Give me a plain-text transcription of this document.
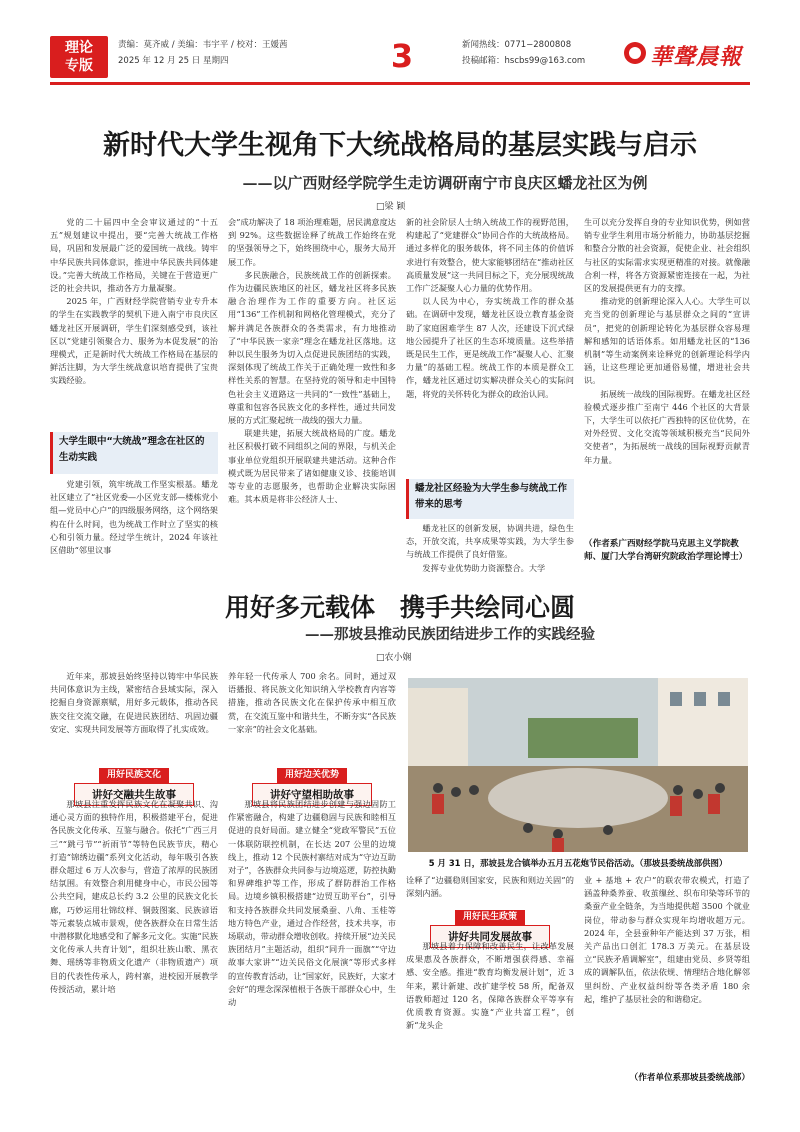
理论
专版
责编：莫齐威 / 美编：韦宇平 / 校对：王媛茜
2025 年 12 月 25 日 星期四	3	新闻热线：0771−2800808
投稿邮箱：hscbs99@163.com	華聲晨報
新时代大学生视角下大统战格局的基层实践与启示
——以广西财经学院学生走访调研南宁市良庆区蟠龙社区为例
□梁 颖

党的二十届四中全会审议通过的“十五五”规划建议中提出，要“完善大统战工作格局，巩固和发展最广泛的爱国统一战线。铸牢中华民族共同体意识，推进中华民族共同体建设。”完善大统战工作格局，关键在于营造更广泛的社会共识，推动各方力量凝聚。

2025 年，广西财经学院营销专业专升本的学生在实践教学的契机下进入南宁市良庆区蟠龙社区开展调研，学生们深刻感受到，该社区以“党建引领聚合力、服务为本促发展”的治理模式，正是新时代大统战工作格局在基层的鲜活注脚，为大学生统战意识培育提供了宝贵实践经验。

大学生眼中“大统战”理念在社区的生动实践

党建引领，筑牢统战工作坚实根基。蟠龙社区建立了“社区党委—小区党支部—楼栋党小组—党员中心户”的四级服务网络，这个网络架构在什么时间，也为统战工作时立了坚实的核心和引领力量。经过学生统计，2024 年该社区借助“邻里议事

会”成功解决了 18 项治理难题，居民满意度达到 92%。这些数据诠释了统战工作始终在党的坚强领导之下，始终围绕中心，服务大局开展工作。

多民族融合，民族统战工作的创新探索。作为边疆民族地区的社区，蟠龙社区将多民族融合治理作为工作的重要方向。社区运用“136”工作机制和网格化管理模式，充分了解并满足各族群众的各类需求，有力地推动了“中华民族一家亲”理念在蟠龙社区落地。这种以民生服务为切入点促进民族团结的实践，深刻体现了统战工作关于正确处理一致性和多样性关系的智慧。在坚持党的领导和走中国特色社会主义道路这一共同的“一致性”基础上，尊重和包容各民族文化的多样性，通过共同发展的方式汇聚起统一战线的强大力量。

联建共建，拓展大统战格局的广度。蟠龙社区积极打破不同组织之间的界限，与机关企事业单位党组织开展联建共建活动。这种合作模式既为居民带来了诸如健康义诊、技能培训等专业的志愿服务，也帮助企业解决实际困难。其本质是将非公经济人士、

新的社会阶层人士纳入统战工作的视野范围，构建起了“党建群众”协同合作的大统战格局。通过多样化的服务载体，将不同主体的价值诉求进行有效整合，使大家能够团结在“推动社区高质量发展”这一共同目标之下，充分展现统战工作广泛凝聚人心力量的优势作用。

以人民为中心，夯实统战工作的群众基础。在调研中发现，蟠龙社区设立教育基金资助了家庭困难学生 87 人次，还建设下沉式绿地公园提升了社区的生态环境质量。这些举措既是民生工作，更是统战工作“凝聚人心、汇聚力量”的基础工程。统战工作的本质是群众工作，蟠龙社区通过切实解决群众关心的实际问题，将党的关怀转化为群众的政治认同。

蟠龙社区经验为大学生参与统战工作带来的思考

蟠龙社区的创新发展，协调共进，绿色生态，开放交流，共享成果等实践，为大学生参与统战工作提供了良好借鉴。

发挥专业优势助力资源整合。大学

生可以充分发挥自身的专业知识优势，例如营销专业学生利用市场分析能力，协助基层挖掘和整合分散的社会资源，促使企业、社会组织与社区的实际需求实现更精准的对接。就像融合利一样，将各方资源紧密连接在一起，为社区的发展提供更有力的支撑。

推动党的创新理论深入人心。大学生可以充当党的创新理论与基层群众之间的“宣讲员”，把党的创新理论转化为基层群众容易理解和感知的话语体系。如用蟠龙社区的“136 机制”等生动案例来诠释党的创新理论科学内涵，让这些理论更加通俗易懂，增进社会共识。

拓展统一战线的国际视野。在蟠龙社区经验模式逐步推广至南宁 446 个社区的大背景下，大学生可以依托广西独特的区位优势，在对外经贸、文化交流等领域积极充当“民间外交使者”，为拓展统一战线的国际视野贡献青年力量。

（作者系广西财经学院马克思主义学院教师、厦门大学台湾研究院政治学理论博士）
用好多元载体　携手共绘同心圆
——那坡县推动民族团结进步工作的实践经验
□农小娴

近年来，那坡县始终坚持以铸牢中华民族共同体意识为主线，紧密结合县域实际，深入挖掘自身资源禀赋，用好多元载体，推动各民族交往交流交融，在促进民族团结、巩固边疆安定、实现共同发展等方面取得了扎实成效。

用好民族文化
讲好交融共生故事

那坡县注重发挥民族文化在凝聚共识、沟通心灵方面的独特作用，积极搭建平台，促进各民族文化传承、互鉴与融合。依托“广西三月三”“跳弓节”“祈雨节”等特色民族节庆，精心打造“锦绣边疆”系列文化活动，每年吸引各族群众超过 6 万人次参与，营造了浓厚的民族团结氛围。有效整合利用健身中心，市民公园等公共空间，建成总长约 3.2 公里的民族文化长廊，巧妙运用壮锦纹样、铜鼓图案、民族谚语等元素装点城市景观，使各族群众在日常生活中潜移默化地感受和了解多元文化。实施“民族文化传承人共育计划”，组织壮族山歌、黑衣舞、瑶绣等非物质文化遗产（非物质遗产）项目的代表性传承人，跨村寨，进校园开展教学传授活动，累计培

养年轻一代传承人 700 余名。同时，通过双语播报、将民族文化知识纳入学校教育内容等措施，推动各民族文化在保护传承中相互欣赏，在交流互鉴中和谐共生，不断夯实“各民族一家亲”的社会文化基础。

用好边关优势
讲好守望相助故事

那坡县将民族团结进步创建与强边固防工作紧密融合，构建了边疆稳固与民族和睦相互促进的良好局面。建立健全“党政军警民”五位一体联防联控机制，在长达 207 公里的边境线上，推动 12 个民族村寨结对成为“守边互助对子”，各族群众共同参与边境巡逻，防控执勤和界碑维护等工作，形成了群防群治工作格局。边境乡镇积极搭建“边贸互助平台”，引导和支持各族群众共同发展桑蚕、八角、玉桂等地方特色产业，通过合作经营，技术共享，市场联动，带动群众增收创收。持续开展“边关民族团结月”主题活动，组织“同升一面旗”“守边故事大家讲”“边关民俗文化展演”等形式多样的宣传教育活动，让“国家好，民族好，大家才会好”的理念深深植根于各族干部群众心中，生动

5 月 31 日，那坡县龙合镇举办五月五花炮节民俗活动。（那坡县委统战部供图）

诠释了“边疆稳则国家安，民族和则边关固”的深刻内涵。

用好民生政策
讲好共同发展故事

那坡县着力保障和改善民生，让改革发展成果惠及各族群众，不断增强获得感、幸福感、安全感。推进“教育均衡发展计划”，近 3 年来，累计新建、改扩建学校 58 所，配备双语教师超过 120 名，保障各族群众平等享有优质教育资源。实施“产业共富工程”，创新“龙头企

业 + 基地 + 农户”的联农带农模式，打造了涵盖种桑养蚕、收茧缫丝、织布印染等环节的桑蚕产业全链条，为当地提供超 3500 个就业岗位，带动参与群众实现年均增收超万元。2024 年，全县蚕种年产能达到 37 万张，相关产品出口创汇 178.3 万美元。在基层设立“民族矛盾调解室”，组建由党员、乡贤等组成的调解队伍，依法依规、情理结合地化解邻里纠纷、产业权益纠纷等各类矛盾 180 余起，维护了基层社会的和谐稳定。

（作者单位系那坡县委统战部）
